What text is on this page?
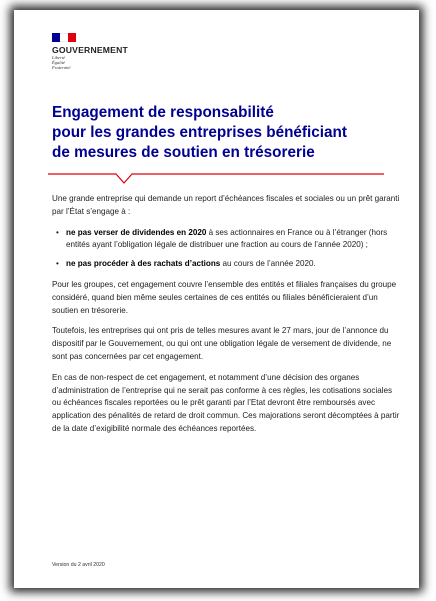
GOUVERNEMENT
Liberté
Égalité
Fraternité
Engagement de responsabilité
pour les grandes entreprises bénéficiant
de mesures de soutien en trésorerie

Une grande entreprise qui demande un report d’échéances fiscales et sociales ou un prêt garanti par l’État s’engage à :

• ne pas verser de dividendes en 2020 à ses actionnaires en France ou à l’étranger (hors entités ayant l’obligation légale de distribuer une fraction au cours de l’année 2020) ;
• ne pas procéder à des rachats d’actions au cours de l’année 2020.

Pour les groupes, cet engagement couvre l’ensemble des entités et filiales françaises du groupe considéré, quand bien même seules certaines de ces entités ou filiales bénéficieraient d’un soutien en trésorerie.

Toutefois, les entreprises qui ont pris de telles mesures avant le 27 mars, jour de l’annonce du dispositif par le Gouvernement, ou qui ont une obligation légale de versement de dividende, ne sont pas concernées par cet engagement.

En cas de non-respect de cet engagement, et notamment d’une décision des organes d’administration de l’entreprise qui ne serait pas conforme à ces règles, les cotisations sociales ou échéances fiscales reportées ou le prêt garanti par l’Etat devront être remboursés avec application des pénalités de retard de droit commun. Ces majorations seront décomptées à partir de la date d’exigibilité normale des échéances reportées.

Version du 2 avril 2020
